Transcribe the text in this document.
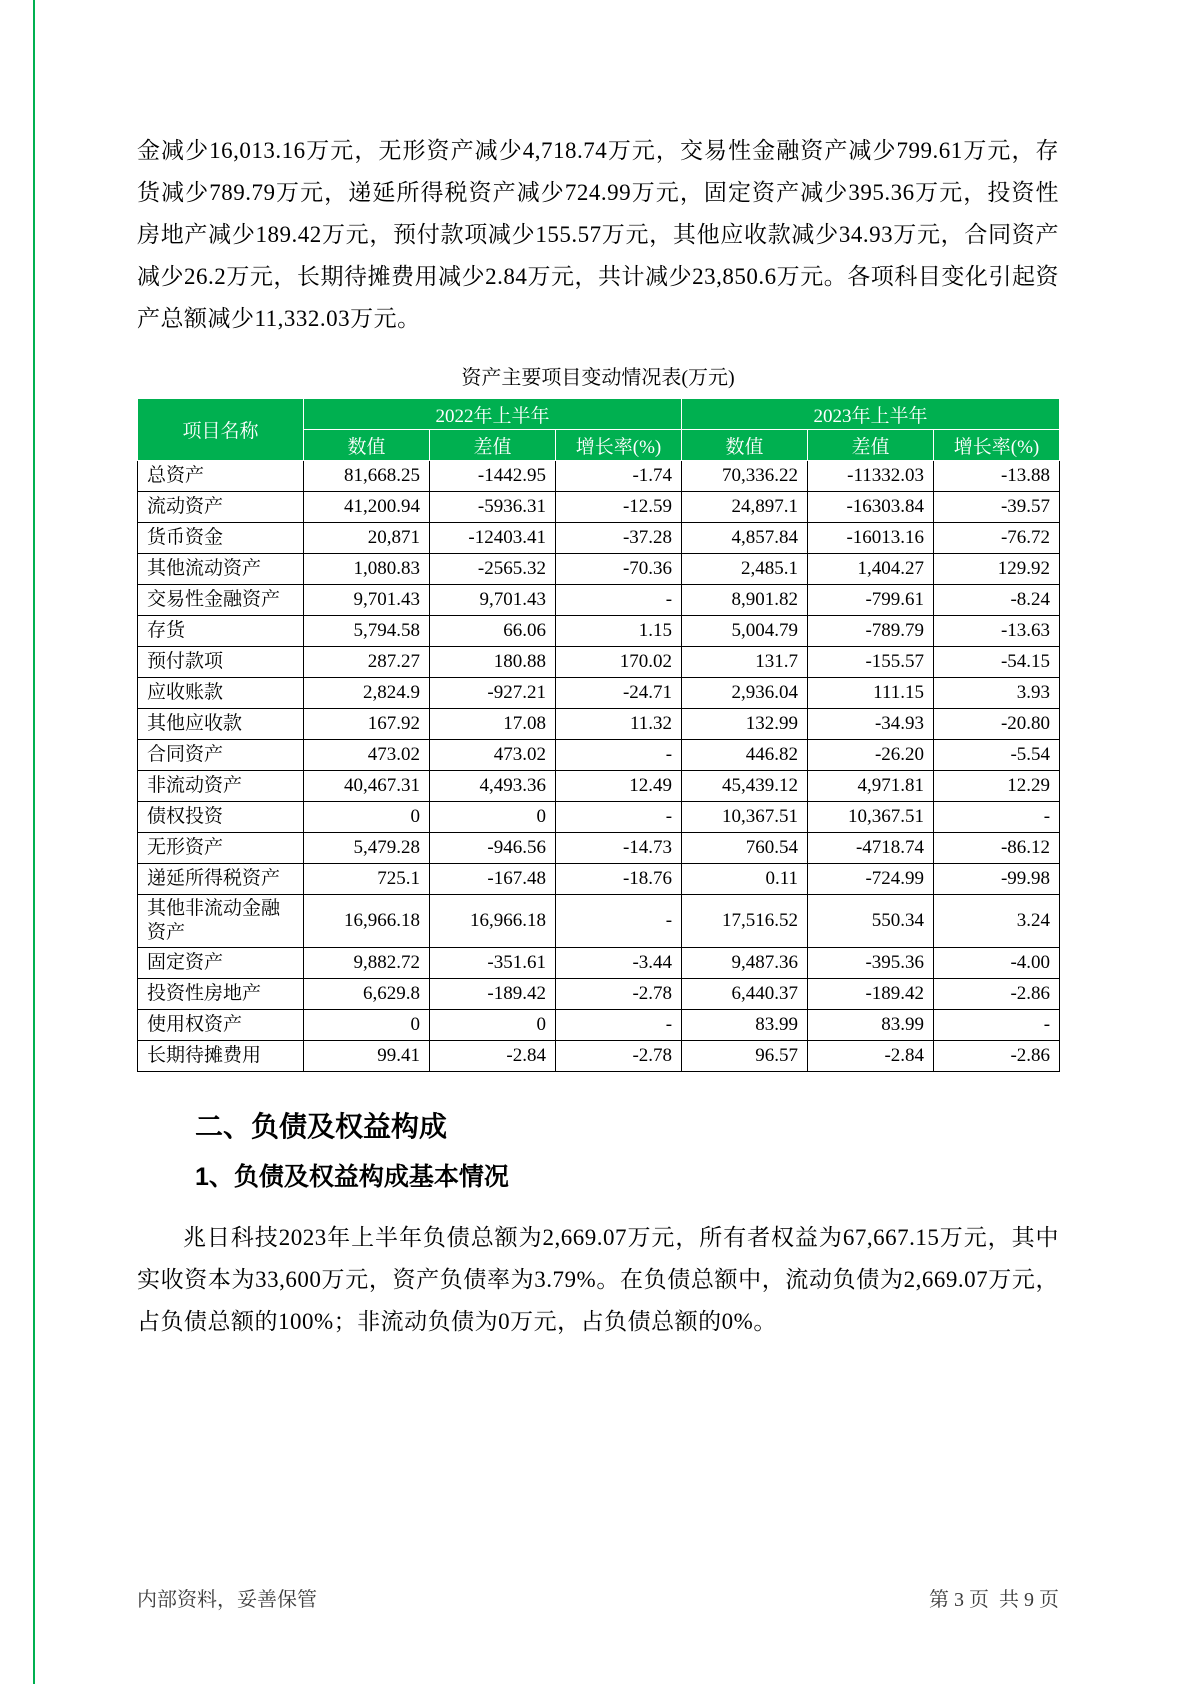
金减少16,013.16万元，无形资产减少4,718.74万元，交易性金融资产减少799.61万元，存货减少789.79万元，递延所得税资产减少724.99万元，固定资产减少395.36万元，投资性房地产减少189.42万元，预付款项减少155.57万元，其他应收款减少34.93万元，合同资产减少26.2万元，长期待摊费用减少2.84万元，共计减少23,850.6万元。各项科目变化引起资产总额减少11,332.03万元。

资产主要项目变动情况表(万元)
项目名称	2022年上半年			2023年上半年		
	数值	差值	增长率(%)	数值	差值	增长率(%)
总资产	81,668.25	-1442.95	-1.74	70,336.22	-11332.03	-13.88
流动资产	41,200.94	-5936.31	-12.59	24,897.1	-16303.84	-39.57
货币资金	20,871	-12403.41	-37.28	4,857.84	-16013.16	-76.72
其他流动资产	1,080.83	-2565.32	-70.36	2,485.1	1,404.27	129.92
交易性金融资产	9,701.43	9,701.43	-	8,901.82	-799.61	-8.24
存货	5,794.58	66.06	1.15	5,004.79	-789.79	-13.63
预付款项	287.27	180.88	170.02	131.7	-155.57	-54.15
应收账款	2,824.9	-927.21	-24.71	2,936.04	111.15	3.93
其他应收款	167.92	17.08	11.32	132.99	-34.93	-20.80
合同资产	473.02	473.02	-	446.82	-26.20	-5.54
非流动资产	40,467.31	4,493.36	12.49	45,439.12	4,971.81	12.29
债权投资	0	0	-	10,367.51	10,367.51	-
无形资产	5,479.28	-946.56	-14.73	760.54	-4718.74	-86.12
递延所得税资产	725.1	-167.48	-18.76	0.11	-724.99	-99.98
其他非流动金融资产	16,966.18	16,966.18	-	17,516.52	550.34	3.24
固定资产	9,882.72	-351.61	-3.44	9,487.36	-395.36	-4.00
投资性房地产	6,629.8	-189.42	-2.78	6,440.37	-189.42	-2.86
使用权资产	0	0	-	83.99	83.99	-
长期待摊费用	99.41	-2.84	-2.78	96.57	-2.84	-2.86
二、负债及权益构成
1、负债及权益构成基本情况

兆日科技2023年上半年负债总额为2,669.07万元，所有者权益为67,667.15万元，其中实收资本为33,600万元，资产负债率为3.79%。在负债总额中，流动负债为2,669.07万元，占负债总额的100%；非流动负债为0万元，占负债总额的0%。

内部资料，妥善保管	第 3 页  共 9 页
